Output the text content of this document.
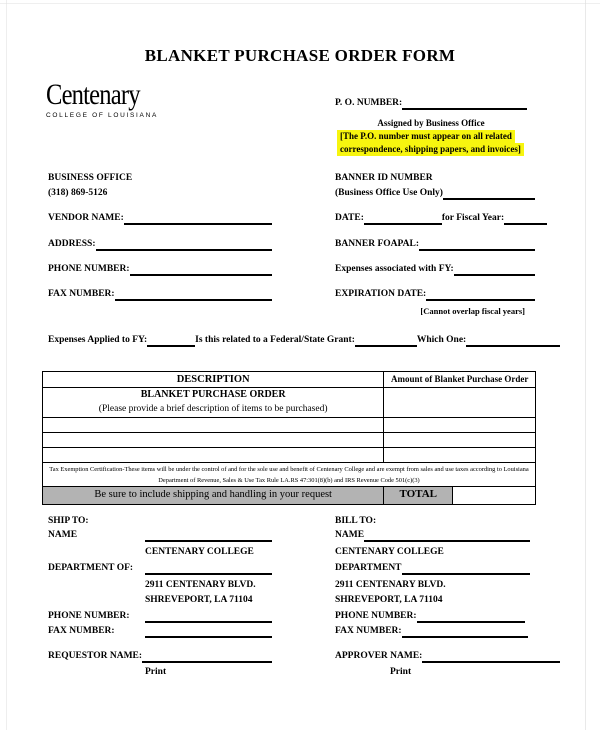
BLANKET PURCHASE ORDER FORM
Centenary
COLLEGE OF LOUISIANA
P. O. NUMBER:
Assigned by Business Office
[The P.O. number must appear on all related
correspondence, shipping papers, and invoices]
BUSINESS OFFICE
(318) 869-5126
VENDOR NAME:
ADDRESS:
PHONE NUMBER:
FAX NUMBER:
BANNER ID NUMBER
(Business Office Use Only)
DATE:	for Fiscal Year:
BANNER FOAPAL:
Expenses associated with FY:
EXPIRATION DATE:
[Cannot overlap fiscal years]
Expenses Applied to FY:	Is this related to a Federal/State Grant:	Which One:
DESCRIPTION	Amount of Blanket Purchase Order
BLANKET PURCHASE ORDER
(Please provide a brief description of items to be purchased)
Tax Exemption Certification-These items will be under the control of and for the sole use and benefit of Centenary College and are exempt from sales and use taxes according to Louisiana
Department of Revenue, Sales & Use Tax Rule LA.RS 47:301(8)(b) and IRS Revenue Code 501(c)(3)
Be sure to include shipping and handling in your request	TOTAL
SHIP TO:
NAME
CENTENARY COLLEGE
DEPARTMENT OF:
2911 CENTENARY BLVD.
SHREVEPORT, LA 71104
PHONE NUMBER:
FAX NUMBER:
REQUESTOR NAME:
Print
BILL TO:
NAME
CENTENARY COLLEGE
DEPARTMENT
2911 CENTENARY BLVD.
SHREVEPORT, LA 71104
PHONE NUMBER:
FAX NUMBER:
APPROVER NAME:
Print
